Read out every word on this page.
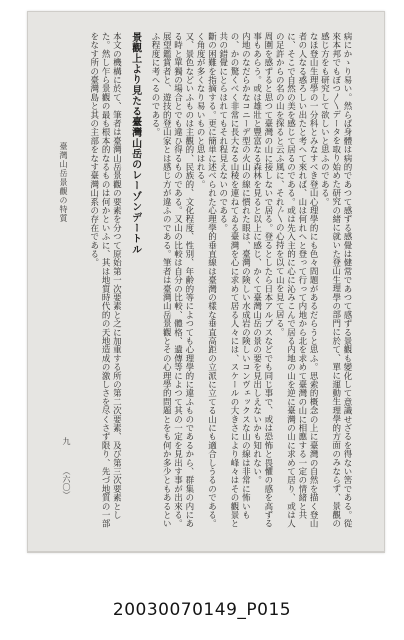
病にかゝり易い。然らば身體は病的であつて感ずる感覺は健常であつて感ずる景觀も變化して意識せざるを得ない筈である。從來本邦でもぼつ〳〵データを取り始めた研究の緒に就いた登山生理學の部門に於て、單に運動生理學的方面のみならず、景觀の感じ方をも研究して欲しいと思ふのである。

なほ登山生理學の一分科とみなすべき登山心理學的にも色々問題があるだらうと思ふ。思索的概念の上に臺灣の自然を描く登山者の人なる惑ろしい出たと考へて來れば、山は何れへと登って行って内地から北を求めて臺灣の山に相應する一定の情緒と共に、そこで自然の美を感じて居るのである。或は先入主的に心に沁みこんで居る内地の山を逆に臺灣の山に求めて居り、或は人の足許からの名の山を探ると云ふ風に、それ〴〵の心持を以て山を見て居る。

周圍を感ずると思つて臺灣の山に接しないで居る。登るとしたら日本アルプスなどでも同じ事で、或は恐怖と畏懼の感を高ずる事もあらう。或は雄壯と豐富なる森林を見ると以上に感じ、かくて臺灣山岳の景の要を見出しえないかも知れない。

内地のなだらかなコニーデ型の火山の線に慣れた眼は、臺灣の険しい水成岩の険しいコンヴェックスな山の線は非常に怖いもの、かの驚くべく非常に長大なる山稜を連ねてゐる臺灣を心に求めて居る人々には、スケールの大きさにより峰々はその觀景と共の錯覺にとらはれてもそれ程見えないのである。

斷の困難を指摘する。更に簡単に述べられた心理學的垂直線は臺灣の樣な垂直高距の立派に立てる山にも適合しうるのである。

く角度が多くなり易いものと思はれる。

又、景色などいふものは主觀的、民族的、文化程度、性別、年齢的等によつても心理學的に違ふものであるから、群集の内にある時と單獨の場合とでも違ひ得るものである。又山の比較は自分の比較、體格、遺傳等によつて其の一定を見出す事が出來る。展望鑑賞者と、遊技的登山家とは感じ方が違ふのである。筆者は臺灣山岳景觀とその心理學的問題とをも何か多少ともあるといふ程度に考へるのである。

景觀上より見たる臺灣山岳のレーゾンデートル

本文の機構に於て、筆者は臺灣山岳景觀の要素を分つて原始第一次要素と之に加重する所の第二次要素、及び第三次要素とした。然し乍ら景觀の最も根本的なるものは何かといふに、其は地質時代的の天地造成の激しさを尽くさず限り、先づ地質の一部をなす所の臺灣島と其の主部をなす臺灣山系の存在である。

臺灣山岳景觀の特質
九
（六〇）
20030070149_P015
